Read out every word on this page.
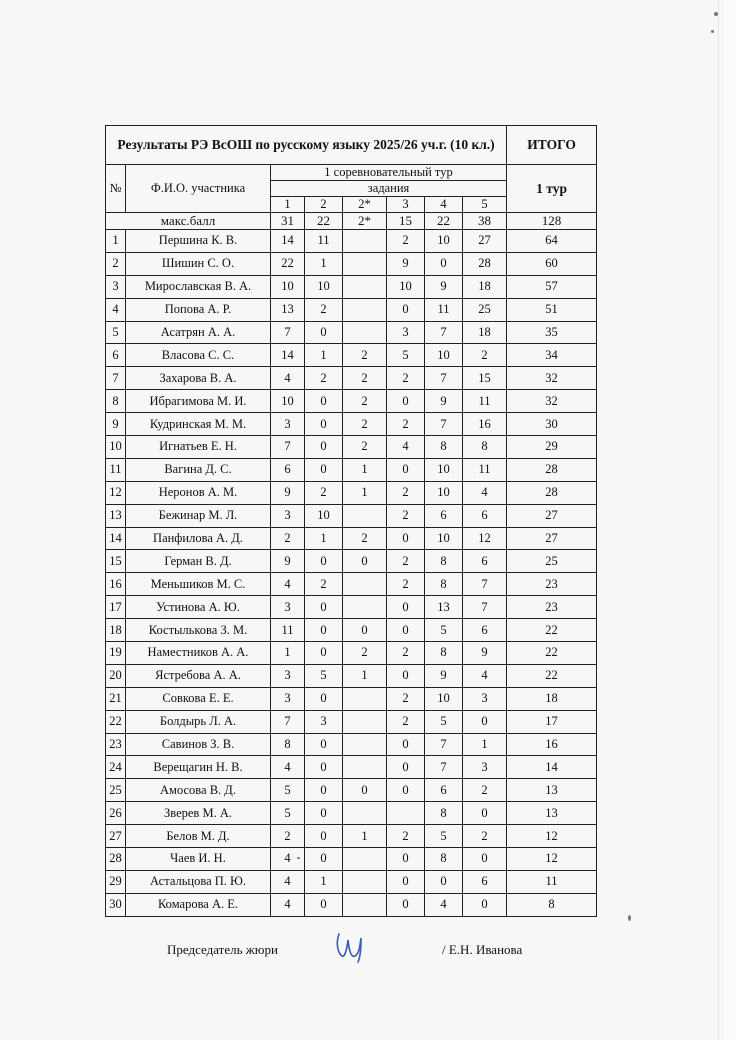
Результаты РЭ ВсОШ по русскому языку 2025/26 уч.г. (10 кл.)								ИТОГО
№	Ф.И.О. участника	1 соревновательный тур						1 тур
		задания						
		1	2	2*	3	4	5	
макс.балл		31	22	2*	15	22	38	128
1	Першина К. В.	14	11		2	10	27	64
2	Шишин С. О.	22	1		9	0	28	60
3	Мирославская В. А.	10	10		10	9	18	57
4	Попова А. Р.	13	2		0	11	25	51
5	Асатрян А. А.	7	0		3	7	18	35
6	Власова С. С.	14	1	2	5	10	2	34
7	Захарова В. А.	4	2	2	2	7	15	32
8	Ибрагимова М. И.	10	0	2	0	9	11	32
9	Кудринская М. М.	3	0	2	2	7	16	30
10	Игнатьев Е. Н.	7	0	2	4	8	8	29
11	Вагина Д. С.	6	0	1	0	10	11	28
12	Неронов А. М.	9	2	1	2	10	4	28
13	Бежинар М. Л.	3	10		2	6	6	27
14	Панфилова А. Д.	2	1	2	0	10	12	27
15	Герман В. Д.	9	0	0	2	8	6	25
16	Меньшиков М. С.	4	2		2	8	7	23
17	Устинова А. Ю.	3	0		0	13	7	23
18	Костылькова З. М.	11	0	0	0	5	6	22
19	Наместников А. А.	1	0	2	2	8	9	22
20	Ястребова А. А.	3	5	1	0	9	4	22
21	Совкова Е. Е.	3	0		2	10	3	18
22	Болдырь Л. А.	7	3		2	5	0	17
23	Савинов З. В.	8	0		0	7	1	16
24	Верещагин Н. В.	4	0		0	7	3	14
25	Амосова В. Д.	5	0	0	0	6	2	13
26	Зверев М. А.	5	0			8	0	13
27	Белов М. Д.	2	0	1	2	5	2	12
28	Чаев И. Н.	4	0		0	8	0	12
29	Астальцова П. Ю.	4	1		0	0	6	11
30	Комарова А. Е.	4	0		0	4	0	8
Председатель жюри	/ Е.Н. Иванова
